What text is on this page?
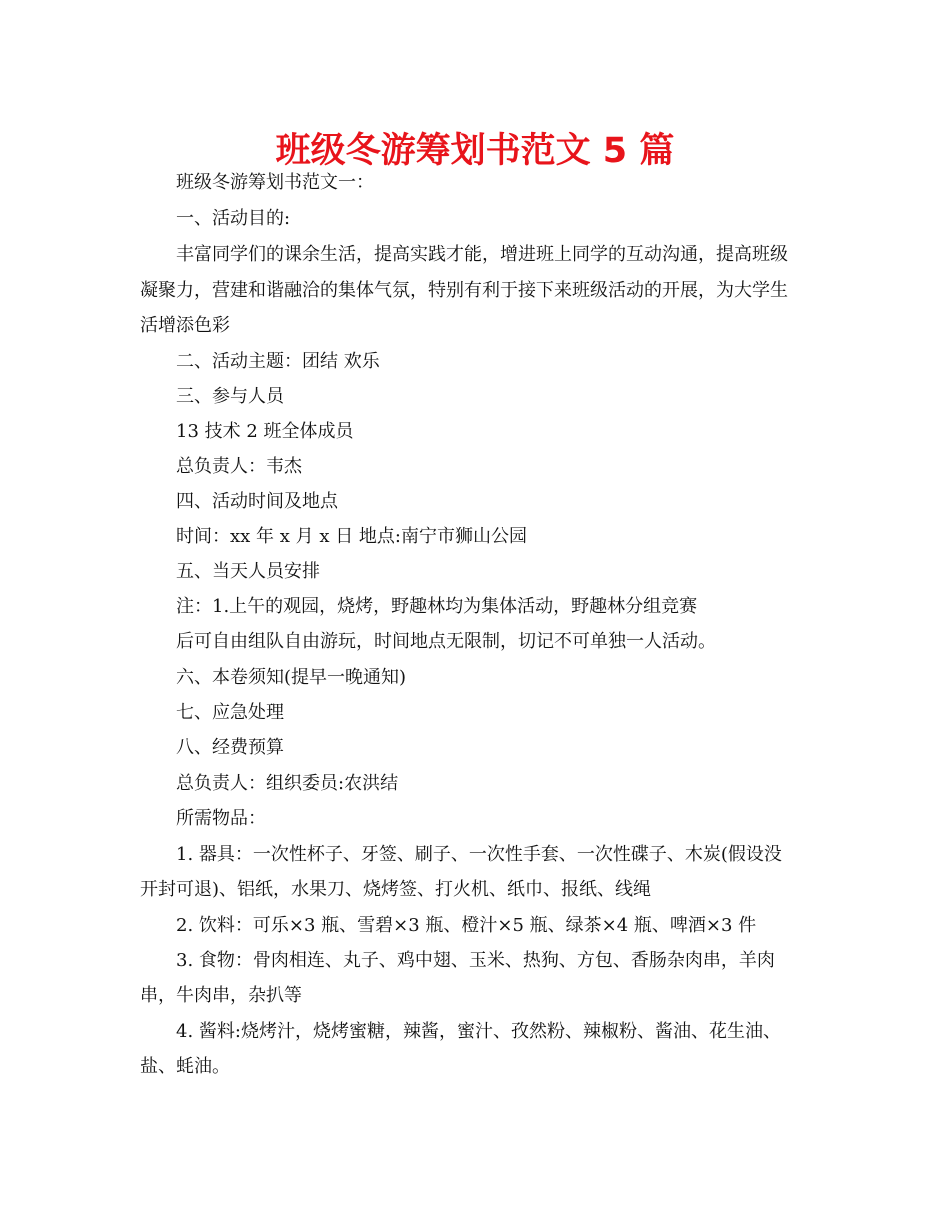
班级冬游筹划书范文 5 篇
班级冬游筹划书范文一：
一、活动目的:
丰富同学们的课余生活，提高实践才能，增进班上同学的互动沟通，提高班级
凝聚力，营建和谐融洽的集体气氛，特别有利于接下来班级活动的开展，为大学生
活增添色彩
二、活动主题：团结 欢乐
三、参与人员
13 技术 2 班全体成员
总负责人：韦杰
四、活动时间及地点
时间：xx 年 x 月 x 日 地点:南宁市狮山公园
五、当天人员安排
注：1.上午的观园，烧烤，野趣林均为集体活动，野趣林分组竞赛
后可自由组队自由游玩，时间地点无限制，切记不可单独一人活动。
六、本卷须知(提早一晚通知)
七、应急处理
八、经费预算
总负责人：组织委员:农洪结
所需物品：
1. 器具：一次性杯子、牙签、刷子、一次性手套、一次性碟子、木炭(假设没
开封可退)、铝纸，水果刀、烧烤签、打火机、纸巾、报纸、线绳
2. 饮料：可乐×3 瓶、雪碧×3 瓶、橙汁×5 瓶、绿茶×4 瓶、啤酒×3 件
3. 食物：骨肉相连、丸子、鸡中翅、玉米、热狗、方包、香肠杂肉串，羊肉
串，牛肉串，杂扒等
4. 酱料:烧烤汁，烧烤蜜糖，辣酱，蜜汁、孜然粉、辣椒粉、酱油、花生油、
盐、蚝油。
